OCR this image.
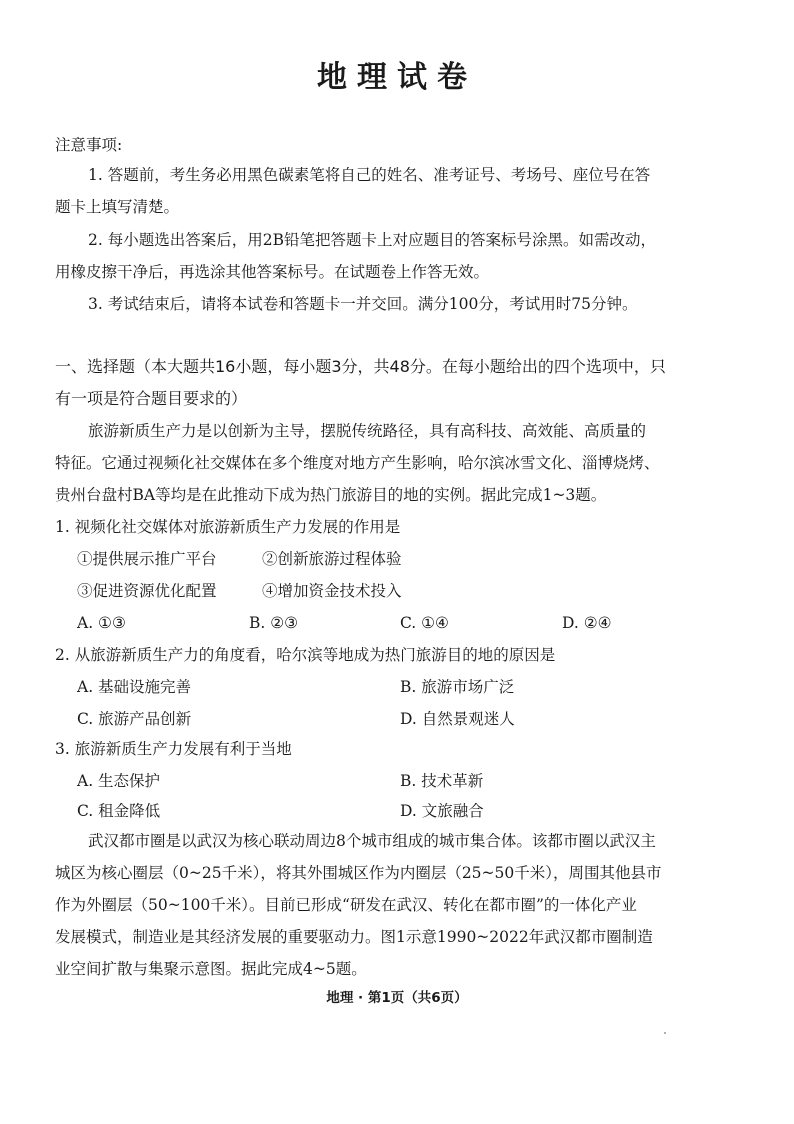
地理试卷
注意事项:
1. 答题前，考生务必用黑色碳素笔将自己的姓名、准考证号、考场号、座位号在答
题卡上填写清楚。
2. 每小题选出答案后，用2B铅笔把答题卡上对应题目的答案标号涂黑。如需改动，
用橡皮擦干净后，再选涂其他答案标号。在试题卷上作答无效。
3. 考试结束后，请将本试卷和答题卡一并交回。满分100分，考试用时75分钟。
一、选择题（本大题共16小题，每小题3分，共48分。在每小题给出的四个选项中，只
有一项是符合题目要求的）
旅游新质生产力是以创新为主导，摆脱传统路径，具有高科技、高效能、高质量的
特征。它通过视频化社交媒体在多个维度对地方产生影响，哈尔滨冰雪文化、淄博烧烤、
贵州台盘村BA等均是在此推动下成为热门旅游目的地的实例。据此完成1~3题。
1. 视频化社交媒体对旅游新质生产力发展的作用是
①提供展示推广平台	②创新旅游过程体验
③促进资源优化配置	④增加资金技术投入
A. ①③	B. ②③	C. ①④	D. ②④
2. 从旅游新质生产力的角度看，哈尔滨等地成为热门旅游目的地的原因是
A. 基础设施完善	B. 旅游市场广泛
C. 旅游产品创新	D. 自然景观迷人
3. 旅游新质生产力发展有利于当地
A. 生态保护	B. 技术革新
C. 租金降低	D. 文旅融合
武汉都市圈是以武汉为核心联动周边8个城市组成的城市集合体。该都市圈以武汉主
城区为核心圈层（0~25千米），将其外围城区作为内圈层（25~50千米），周围其他县市
作为外圈层（50~100千米）。目前已形成“研发在武汉、转化在都市圈”的一体化产业
发展模式，制造业是其经济发展的重要驱动力。图1示意1990~2022年武汉都市圈制造
业空间扩散与集聚示意图。据此完成4~5题。
地理 · 第1页（共6页）
